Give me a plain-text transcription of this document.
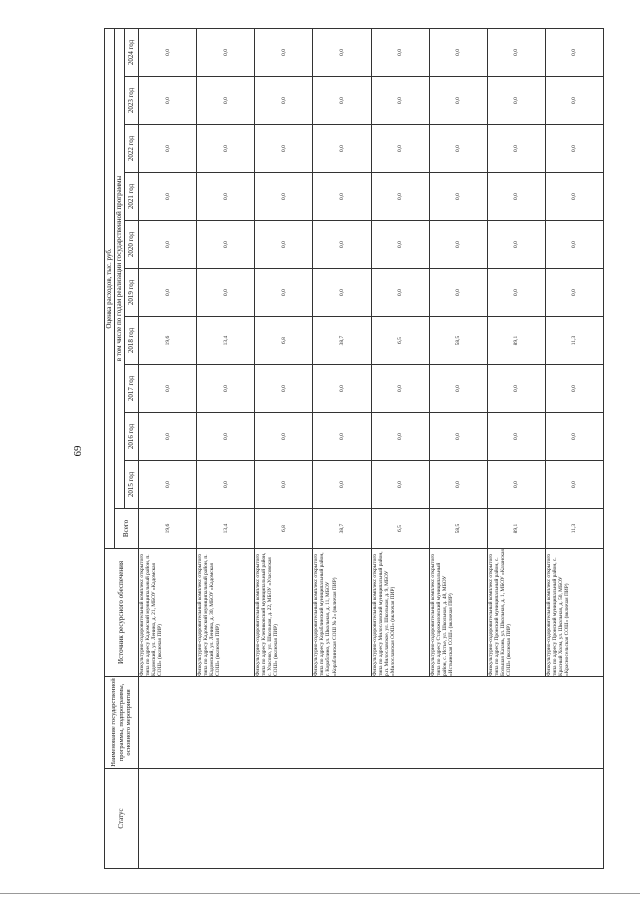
69
Статус	Наименование государственной программы, подпрограммы, основного мероприятия	Источник ресурсного обеспечения	Оценка расходов, тыс. руб.										
			Всего	в том числе по годам реализации государственной программы									
				2015 год	2016 год	2017 год	2018 год	2019 год	2020 год	2021 год	2022 год	2023 год	2024 год
		Физкультурно-оздоровительный комплекс открытого типа по адресу Кадомский муниципальный район, п. Кадомский, ул. Ленина, д. 21, МБОУ «Кадомская СОШ» (включая ПИР)	19,6	0,0	0,0	0,0	19,6	0,0	0,0	0,0	0,0	0,0	0,0
		Физкультурно-оздоровительный комплекс открытого типа по адресу Кадомский муниципальный район, п. Кадомский, ул. Ленина, д. 30, МБОУ «Кадомская СОШ» (включая ПИР)	13,4	0,0	0,0	0,0	13,4	0,0	0,0	0,0	0,0	0,0	0,0
		Физкультурно-оздоровительный комплекс открытого типа по адресу Клепиковский муниципальный район, с. Уласово, ул. Школьная, д. 22, МБОУ «Уласовская СОШ» (включая ПИР)	6,8	0,0	0,0	0,0	6,8	0,0	0,0	0,0	0,0	0,0	0,0
		Физкультурно-оздоровительный комплекс открытого типа по адресу Кораблинский муниципальный район, г. Кораблино, ул. Школьная, д. 11, МБОУ «Кораблинская СОШ № 2» (включая ПИР)	38,7	0,0	0,0	0,0	38,7	0,0	0,0	0,0	0,0	0,0	0,0
		Физкультурно-оздоровительный комплекс открытого типа по адресу Милославский муниципальный район, р.п. Милославское, ул. Школьная, д. 9, МБОУ «Милославская ООШ» (включая ПИР)	6,5	0,0	0,0	0,0	6,5	0,0	0,0	0,0	0,0	0,0	0,0
		Физкультурно-оздоровительный комплекс открытого типа по адресу Старожиловский муниципальный район, с. Истье, ул. Школьная, д. 48, МБОУ «Истьинская СОШ» (включая ПИР)	58,5	0,0	0,0	0,0	58,5	0,0	0,0	0,0	0,0	0,0	0,0
		Физкультурно-оздоровительный комплекс открытого типа по адресу Пронский муниципальный район, с. Большая Казань, ул. Школьная, д. 1, МБОУ «Казанская СОШ» (включая ПИР)	89,1	0,0	0,0	0,0	89,1	0,0	0,0	0,0	0,0	0,0	0,0
		Физкультурно-оздоровительный комплекс открытого типа по адресу Пронский муниципальный район, с. Красный Холм, ул. Школьная, д. 50, МБОУ «Красносельская СОШ» (включая ПИР)	11,3	0,0	0,0	0,0	11,3	0,0	0,0	0,0	0,0	0,0	0,0
